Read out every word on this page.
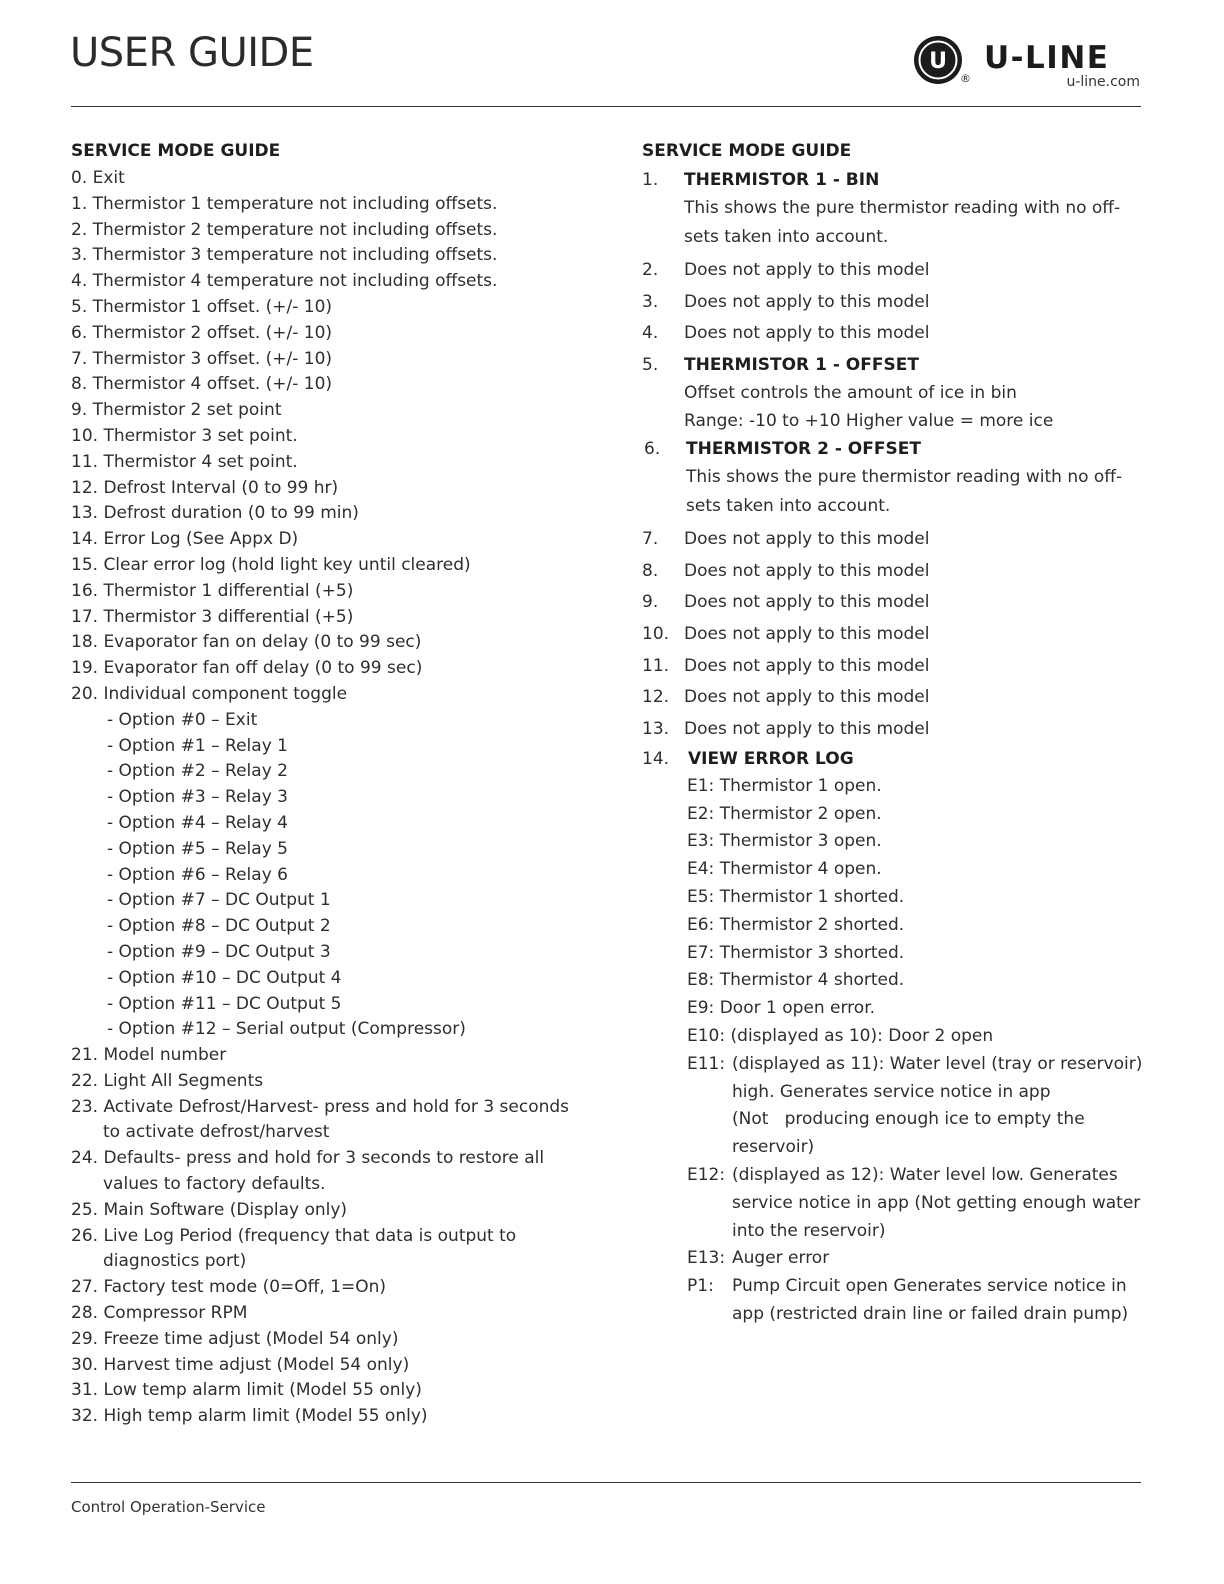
USER GUIDE	U
®
U-LINE
u-line.com
SERVICE MODE GUIDE
0. Exit
1. Thermistor 1 temperature not including offsets.
2. Thermistor 2 temperature not including offsets.
3. Thermistor 3 temperature not including offsets.
4. Thermistor 4 temperature not including offsets.
5. Thermistor 1 offset. (+/- 10)
6. Thermistor 2 offset. (+/- 10)
7. Thermistor 3 offset. (+/- 10)
8. Thermistor 4 offset. (+/- 10)
9. Thermistor 2 set point
10. Thermistor 3 set point.
11. Thermistor 4 set point.
12. Defrost Interval (0 to 99 hr)
13. Defrost duration (0 to 99 min)
14. Error Log (See Appx D)
15. Clear error log (hold light key until cleared)
16. Thermistor 1 differential (+5)
17. Thermistor 3 differential (+5)
18. Evaporator fan on delay (0 to 99 sec)
19. Evaporator fan off delay (0 to 99 sec)
20. Individual component toggle
- Option #0 – Exit
- Option #1 – Relay 1
- Option #2 – Relay 2
- Option #3 – Relay 3
- Option #4 – Relay 4
- Option #5 – Relay 5
- Option #6 – Relay 6
- Option #7 – DC Output 1
- Option #8 – DC Output 2
- Option #9 – DC Output 3
- Option #10 – DC Output 4
- Option #11 – DC Output 5
- Option #12 – Serial output (Compressor)
21. Model number
22. Light All Segments
23. Activate Defrost/Harvest- press and hold for 3 seconds
to activate defrost/harvest
24. Defaults- press and hold for 3 seconds to restore all
values to factory defaults.
25. Main Software (Display only)
26. Live Log Period (frequency that data is output to
diagnostics port)
27. Factory test mode (0=Off, 1=On)
28. Compressor RPM
29. Freeze time adjust (Model 54 only)
30. Harvest time adjust (Model 54 only)
31. Low temp alarm limit (Model 55 only)
32. High temp alarm limit (Model 55 only)
SERVICE MODE GUIDE
1.	THERMISTOR 1 - BIN
This shows the pure thermistor reading with no off-
sets taken into account.
2.	Does not apply to this model
3.	Does not apply to this model
4.	Does not apply to this model
5.	THERMISTOR 1 - OFFSET
Offset controls the amount of ice in bin
Range: -10 to +10 Higher value = more ice
6.	THERMISTOR 2 - OFFSET
This shows the pure thermistor reading with no off-
sets taken into account.
7.	Does not apply to this model
8.	Does not apply to this model
9.	Does not apply to this model
10. Does not apply to this model
11. Does not apply to this model
12. Does not apply to this model
13. Does not apply to this model
14.	VIEW ERROR LOG
E1:
Thermistor 1 open.
E2:
Thermistor 2 open.
E3:
Thermistor 3 open.
E4:
Thermistor 4 open.
E5:
Thermistor 1 shorted.
E6:
Thermistor 2 shorted.
E7:
Thermistor 3 shorted.
E8:
Thermistor 4 shorted.
E9:
Door 1 open error.
E10:
(displayed as 10): Door 2 open
E11: (displayed as 11): Water level (tray or reservoir)
high. Generates service notice in app
(Not   producing enough ice to empty the
reservoir)
E12: (displayed as 12): Water level low. Generates
service notice in app (Not getting enough water
into the reservoir)
E13: Auger error
P1:	Pump Circuit open Generates service notice in
app (restricted drain line or failed drain pump)
Control Operation-Service
